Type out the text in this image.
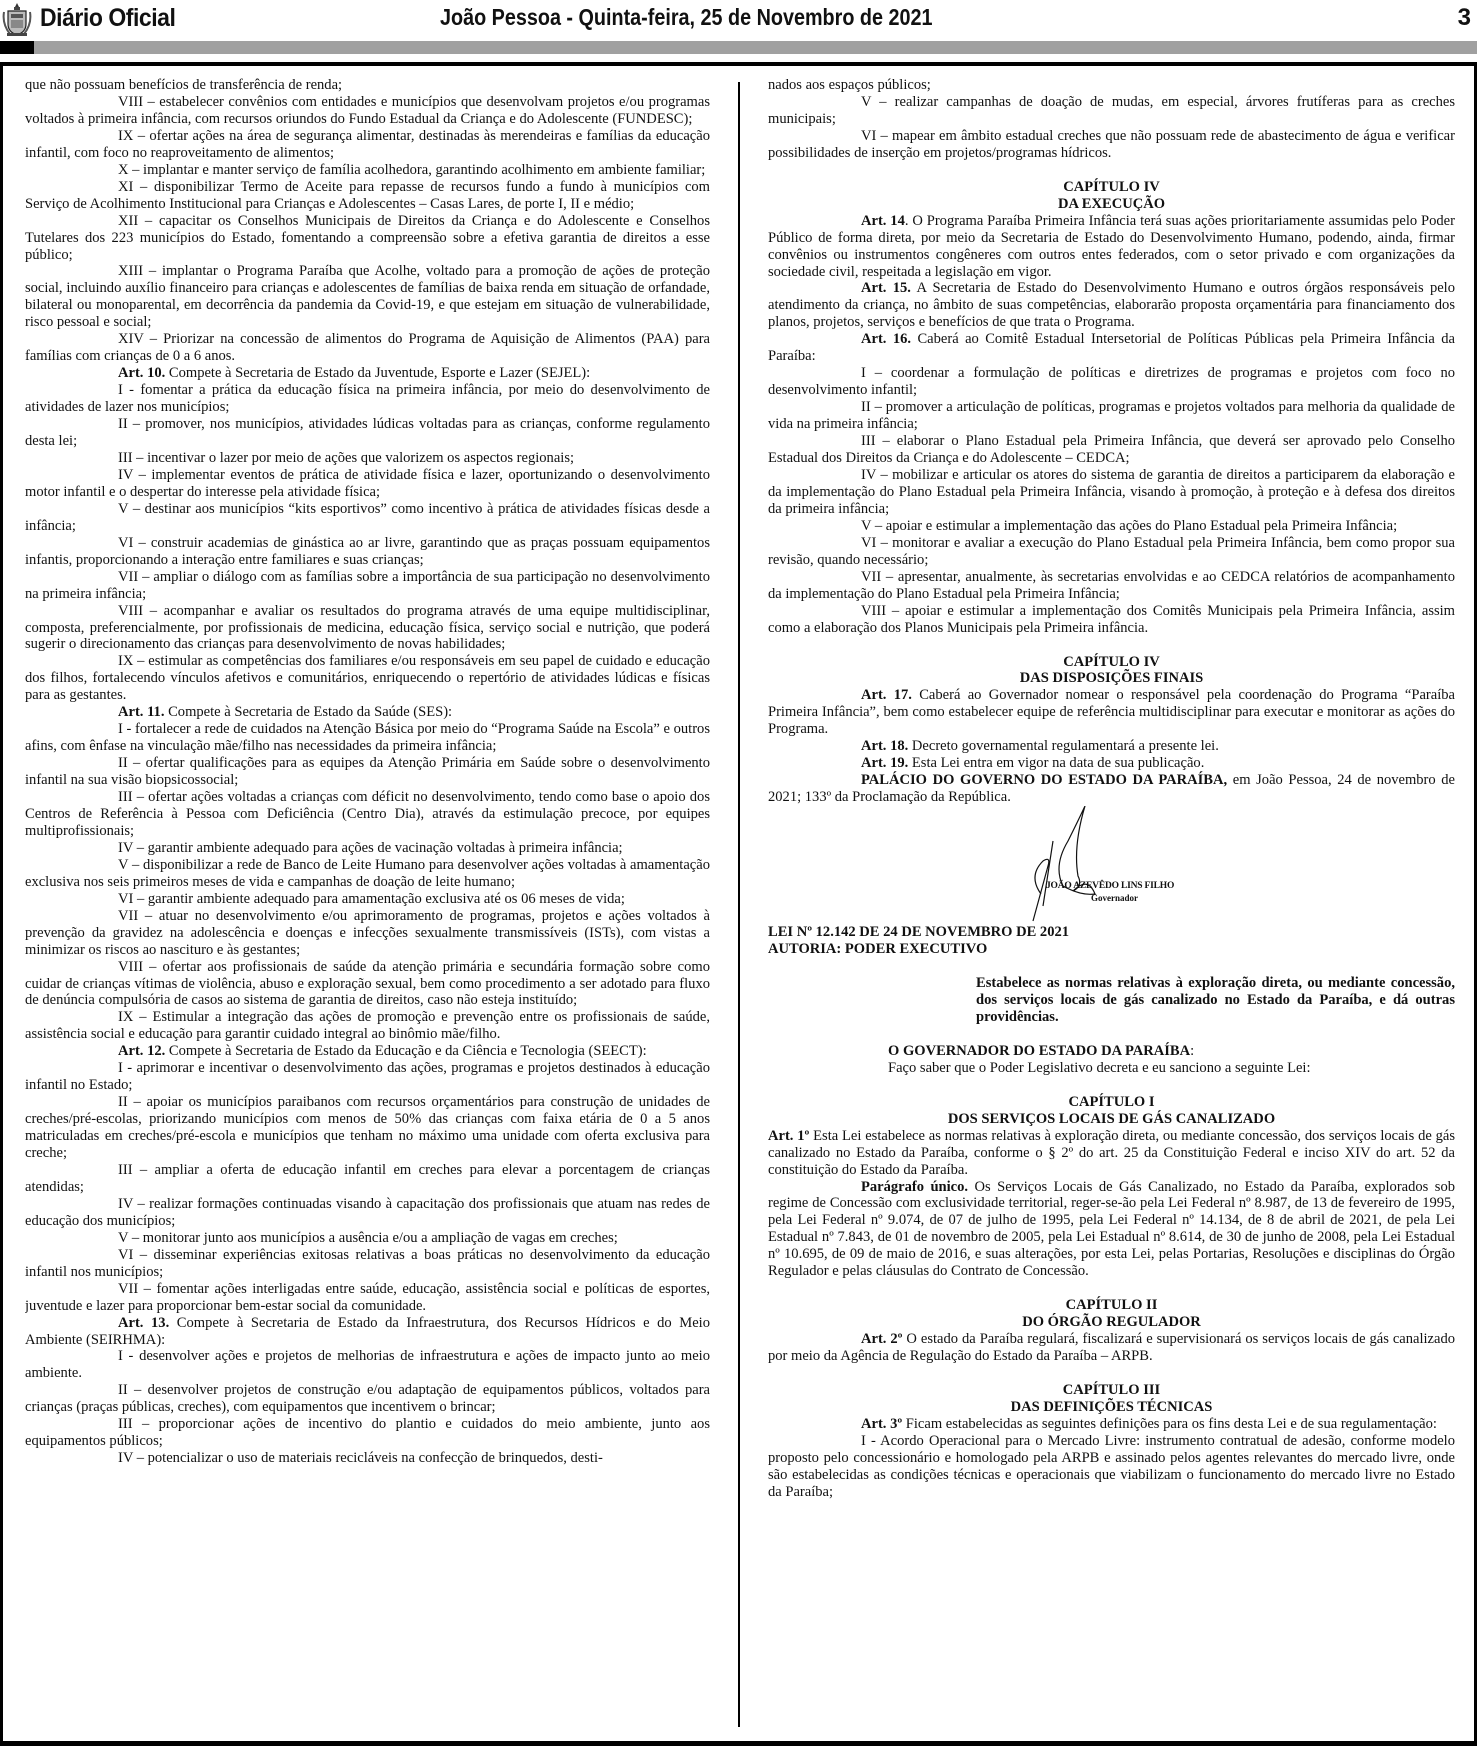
Diário Oficial	João Pessoa - Quinta-feira, 25 de Novembro de 2021	3

que não possuam benefícios de transferência de renda;

VIII – estabelecer convênios com entidades e municípios que desenvolvam projetos e/ou programas voltados à primeira infância, com recursos oriundos do Fundo Estadual da Criança e do Adolescente (FUNDESC);

IX – ofertar ações na área de segurança alimentar, destinadas às merendeiras e famílias da educação infantil, com foco no reaproveitamento de alimentos;

X – implantar e manter serviço de família acolhedora, garantindo acolhimento em ambiente familiar;

XI – disponibilizar Termo de Aceite para repasse de recursos fundo a fundo à municípios com Serviço de Acolhimento Institucional para Crianças e Adolescentes – Casas Lares, de porte I, II e médio;

XII – capacitar os Conselhos Municipais de Direitos da Criança e do Adolescente e Conselhos Tutelares dos 223 municípios do Estado, fomentando a compreensão sobre a efetiva garantia de direitos a esse público;

XIII – implantar o Programa Paraíba que Acolhe, voltado para a promoção de ações de proteção social, incluindo auxílio financeiro para crianças e adolescentes de famílias de baixa renda em situação de orfandade, bilateral ou monoparental, em decorrência da pandemia da Covid-19, e que estejam em situação de vulnerabilidade, risco pessoal e social;

XIV – Priorizar na concessão de alimentos do Programa de Aquisição de Alimentos (PAA) para famílias com crianças de 0 a 6 anos.

Art. 10. Compete à Secretaria de Estado da Juventude, Esporte e Lazer (SEJEL):

I - fomentar a prática da educação física na primeira infância, por meio do desenvolvimento de atividades de lazer nos municípios;

II – promover, nos municípios, atividades lúdicas voltadas para as crianças, conforme regulamento desta lei;

III – incentivar o lazer por meio de ações que valorizem os aspectos regionais;

IV – implementar eventos de prática de atividade física e lazer, oportunizando o desenvolvimento motor infantil e o despertar do interesse pela atividade física;

V – destinar aos municípios “kits esportivos” como incentivo à prática de atividades físicas desde a infância;

VI – construir academias de ginástica ao ar livre, garantindo que as praças possuam equipamentos infantis, proporcionando a interação entre familiares e suas crianças;

VII – ampliar o diálogo com as famílias sobre a importância de sua participação no desenvolvimento na primeira infância;

VIII – acompanhar e avaliar os resultados do programa através de uma equipe multidisciplinar, composta, preferencialmente, por profissionais de medicina, educação física, serviço social e nutrição, que poderá sugerir o direcionamento das crianças para desenvolvimento de novas habilidades;

IX – estimular as competências dos familiares e/ou responsáveis em seu papel de cuidado e educação dos filhos, fortalecendo vínculos afetivos e comunitários, enriquecendo o repertório de atividades lúdicas e físicas para as gestantes.

Art. 11. Compete à Secretaria de Estado da Saúde (SES):

I - fortalecer a rede de cuidados na Atenção Básica por meio do “Programa Saúde na Escola” e outros afins, com ênfase na vinculação mãe/filho nas necessidades da primeira infância;

II – ofertar qualificações para as equipes da Atenção Primária em Saúde sobre o desenvolvimento infantil na sua visão biopsicossocial;

III – ofertar ações voltadas a crianças com déficit no desenvolvimento, tendo como base o apoio dos Centros de Referência à Pessoa com Deficiência (Centro Dia), através da estimulação precoce, por equipes multiprofissionais;

IV – garantir ambiente adequado para ações de vacinação voltadas à primeira infância;

V – disponibilizar a rede de Banco de Leite Humano para desenvolver ações voltadas à amamentação exclusiva nos seis primeiros meses de vida e campanhas de doação de leite humano;

VI – garantir ambiente adequado para amamentação exclusiva até os 06 meses de vida;

VII – atuar no desenvolvimento e/ou aprimoramento de programas, projetos e ações voltados à prevenção da gravidez na adolescência e doenças e infecções sexualmente transmissíveis (ISTs), com vistas a minimizar os riscos ao nascituro e às gestantes;

VIII – ofertar aos profissionais de saúde da atenção primária e secundária formação sobre como cuidar de crianças vítimas de violência, abuso e exploração sexual, bem como procedimento a ser adotado para fluxo de denúncia compulsória de casos ao sistema de garantia de direitos, caso não esteja instituído;

IX – Estimular a integração das ações de promoção e prevenção entre os profissionais de saúde, assistência social e educação para garantir cuidado integral ao binômio mãe/filho.

Art. 12. Compete à Secretaria de Estado da Educação e da Ciência e Tecnologia (SEECT):

I - aprimorar e incentivar o desenvolvimento das ações, programas e projetos destinados à educação infantil no Estado;

II – apoiar os municípios paraibanos com recursos orçamentários para construção de unidades de creches/pré-escolas, priorizando municípios com menos de 50% das crianças com faixa etária de 0 a 5 anos matriculadas em creches/pré-escola e municípios que tenham no máximo uma unidade com oferta exclusiva para creche;

III – ampliar a oferta de educação infantil em creches para elevar a porcentagem de crianças atendidas;

IV – realizar formações continuadas visando à capacitação dos profissionais que atuam nas redes de educação dos municípios;

V – monitorar junto aos municípios a ausência e/ou a ampliação de vagas em creches;

VI – disseminar experiências exitosas relativas a boas práticas no desenvolvimento da educação infantil nos municípios;

VII – fomentar ações interligadas entre saúde, educação, assistência social e políticas de esportes, juventude e lazer para proporcionar bem-estar social da comunidade.

Art. 13. Compete à Secretaria de Estado da Infraestrutura, dos Recursos Hídricos e do Meio Ambiente (SEIRHMA):

I - desenvolver ações e projetos de melhorias de infraestrutura e ações de impacto junto ao meio ambiente.

II – desenvolver projetos de construção e/ou adaptação de equipamentos públicos, voltados para crianças (praças públicas, creches), com equipamentos que incentivem o brincar;

III – proporcionar ações de incentivo do plantio e cuidados do meio ambiente, junto aos equipamentos públicos;

IV – potencializar o uso de materiais recicláveis na confecção de brinquedos, desti-

nados aos espaços públicos;

V – realizar campanhas de doação de mudas, em especial, árvores frutíferas para as creches municipais;

VI – mapear em âmbito estadual creches que não possuam rede de abastecimento de água e verificar possibilidades de inserção em projetos/programas hídricos.

CAPÍTULO IV

DA EXECUÇÃO

Art. 14. O Programa Paraíba Primeira Infância terá suas ações prioritariamente assumidas pelo Poder Público de forma direta, por meio da Secretaria de Estado do Desenvolvimento Humano, podendo, ainda, firmar convênios ou instrumentos congêneres com outros entes federados, com o setor privado e com organizações da sociedade civil, respeitada a legislação em vigor.

Art. 15. A Secretaria de Estado do Desenvolvimento Humano e outros órgãos responsáveis pelo atendimento da criança, no âmbito de suas competências, elaborarão proposta orçamentária para financiamento dos planos, projetos, serviços e benefícios de que trata o Programa.

Art. 16. Caberá ao Comitê Estadual Intersetorial de Políticas Públicas pela Primeira Infância da Paraíba:

I – coordenar a formulação de políticas e diretrizes de programas e projetos com foco no desenvolvimento infantil;

II – promover a articulação de políticas, programas e projetos voltados para melhoria da qualidade de vida na primeira infância;

III – elaborar o Plano Estadual pela Primeira Infância, que deverá ser aprovado pelo Conselho Estadual dos Direitos da Criança e do Adolescente – CEDCA;

IV – mobilizar e articular os atores do sistema de garantia de direitos a participarem da elaboração e da implementação do Plano Estadual pela Primeira Infância, visando à promoção, à proteção e à defesa dos direitos da primeira infância;

V – apoiar e estimular a implementação das ações do Plano Estadual pela Primeira Infância;

VI – monitorar e avaliar a execução do Plano Estadual pela Primeira Infância, bem como propor sua revisão, quando necessário;

VII – apresentar, anualmente, às secretarias envolvidas e ao CEDCA relatórios de acompanhamento da implementação do Plano Estadual pela Primeira Infância;

VIII – apoiar e estimular a implementação dos Comitês Municipais pela Primeira Infância, assim como a elaboração dos Planos Municipais pela Primeira infância.

CAPÍTULO IV

DAS DISPOSIÇÕES FINAIS

Art. 17. Caberá ao Governador nomear o responsável pela coordenação do Programa “Paraíba Primeira Infância”, bem como estabelecer equipe de referência multidisciplinar para executar e monitorar as ações do Programa.

Art. 18. Decreto governamental regulamentará a presente lei.

Art. 19. Esta Lei entra em vigor na data de sua publicação.

PALÁCIO DO GOVERNO DO ESTADO DA PARAÍBA, em João Pessoa, 24 de novembro de 2021; 133º da Proclamação da República.

JOÃO AZEVÊDO LINS FILHO
Governador

LEI Nº 12.142 DE 24 DE NOVEMBRO DE 2021

AUTORIA: PODER EXECUTIVO

Estabelece as normas relativas à exploração direta, ou mediante concessão, dos serviços locais de gás canalizado no Estado da Paraíba, e dá outras providências.

O GOVERNADOR DO ESTADO DA PARAÍBA:

Faço saber que o Poder Legislativo decreta e eu sanciono a seguinte Lei:

CAPÍTULO I

DOS SERVIÇOS LOCAIS DE GÁS CANALIZADO

Art. 1º Esta Lei estabelece as normas relativas à exploração direta, ou mediante concessão, dos serviços locais de gás canalizado no Estado da Paraíba, conforme o § 2º do art. 25 da Constituição Federal e inciso XIV do art. 52 da constituição do Estado da Paraíba.

Parágrafo único. Os Serviços Locais de Gás Canalizado, no Estado da Paraíba, explorados sob regime de Concessão com exclusividade territorial, reger-se-ão pela Lei Federal nº 8.987, de 13 de fevereiro de 1995, pela Lei Federal nº 9.074, de 07 de julho de 1995, pela Lei Federal nº 14.134, de 8 de abril de 2021, de pela Lei Estadual nº 7.843, de 01 de novembro de 2005, pela Lei Estadual nº 8.614, de 30 de junho de 2008, pela Lei Estadual nº 10.695, de 09 de maio de 2016, e suas alterações, por esta Lei, pelas Portarias, Resoluções e disciplinas do Órgão Regulador e pelas cláusulas do Contrato de Concessão.

CAPÍTULO II

DO ÓRGÃO REGULADOR

Art. 2º O estado da Paraíba regulará, fiscalizará e supervisionará os serviços locais de gás canalizado por meio da Agência de Regulação do Estado da Paraíba – ARPB.

CAPÍTULO III

DAS DEFINIÇÕES TÉCNICAS

Art. 3º Ficam estabelecidas as seguintes definições para os fins desta Lei e de sua regulamentação:

I - Acordo Operacional para o Mercado Livre: instrumento contratual de adesão, conforme modelo proposto pelo concessionário e homologado pela ARPB e assinado pelos agentes relevantes do mercado livre, onde são estabelecidas as condições técnicas e operacionais que viabilizam o funcionamento do mercado livre no Estado da Paraíba;
